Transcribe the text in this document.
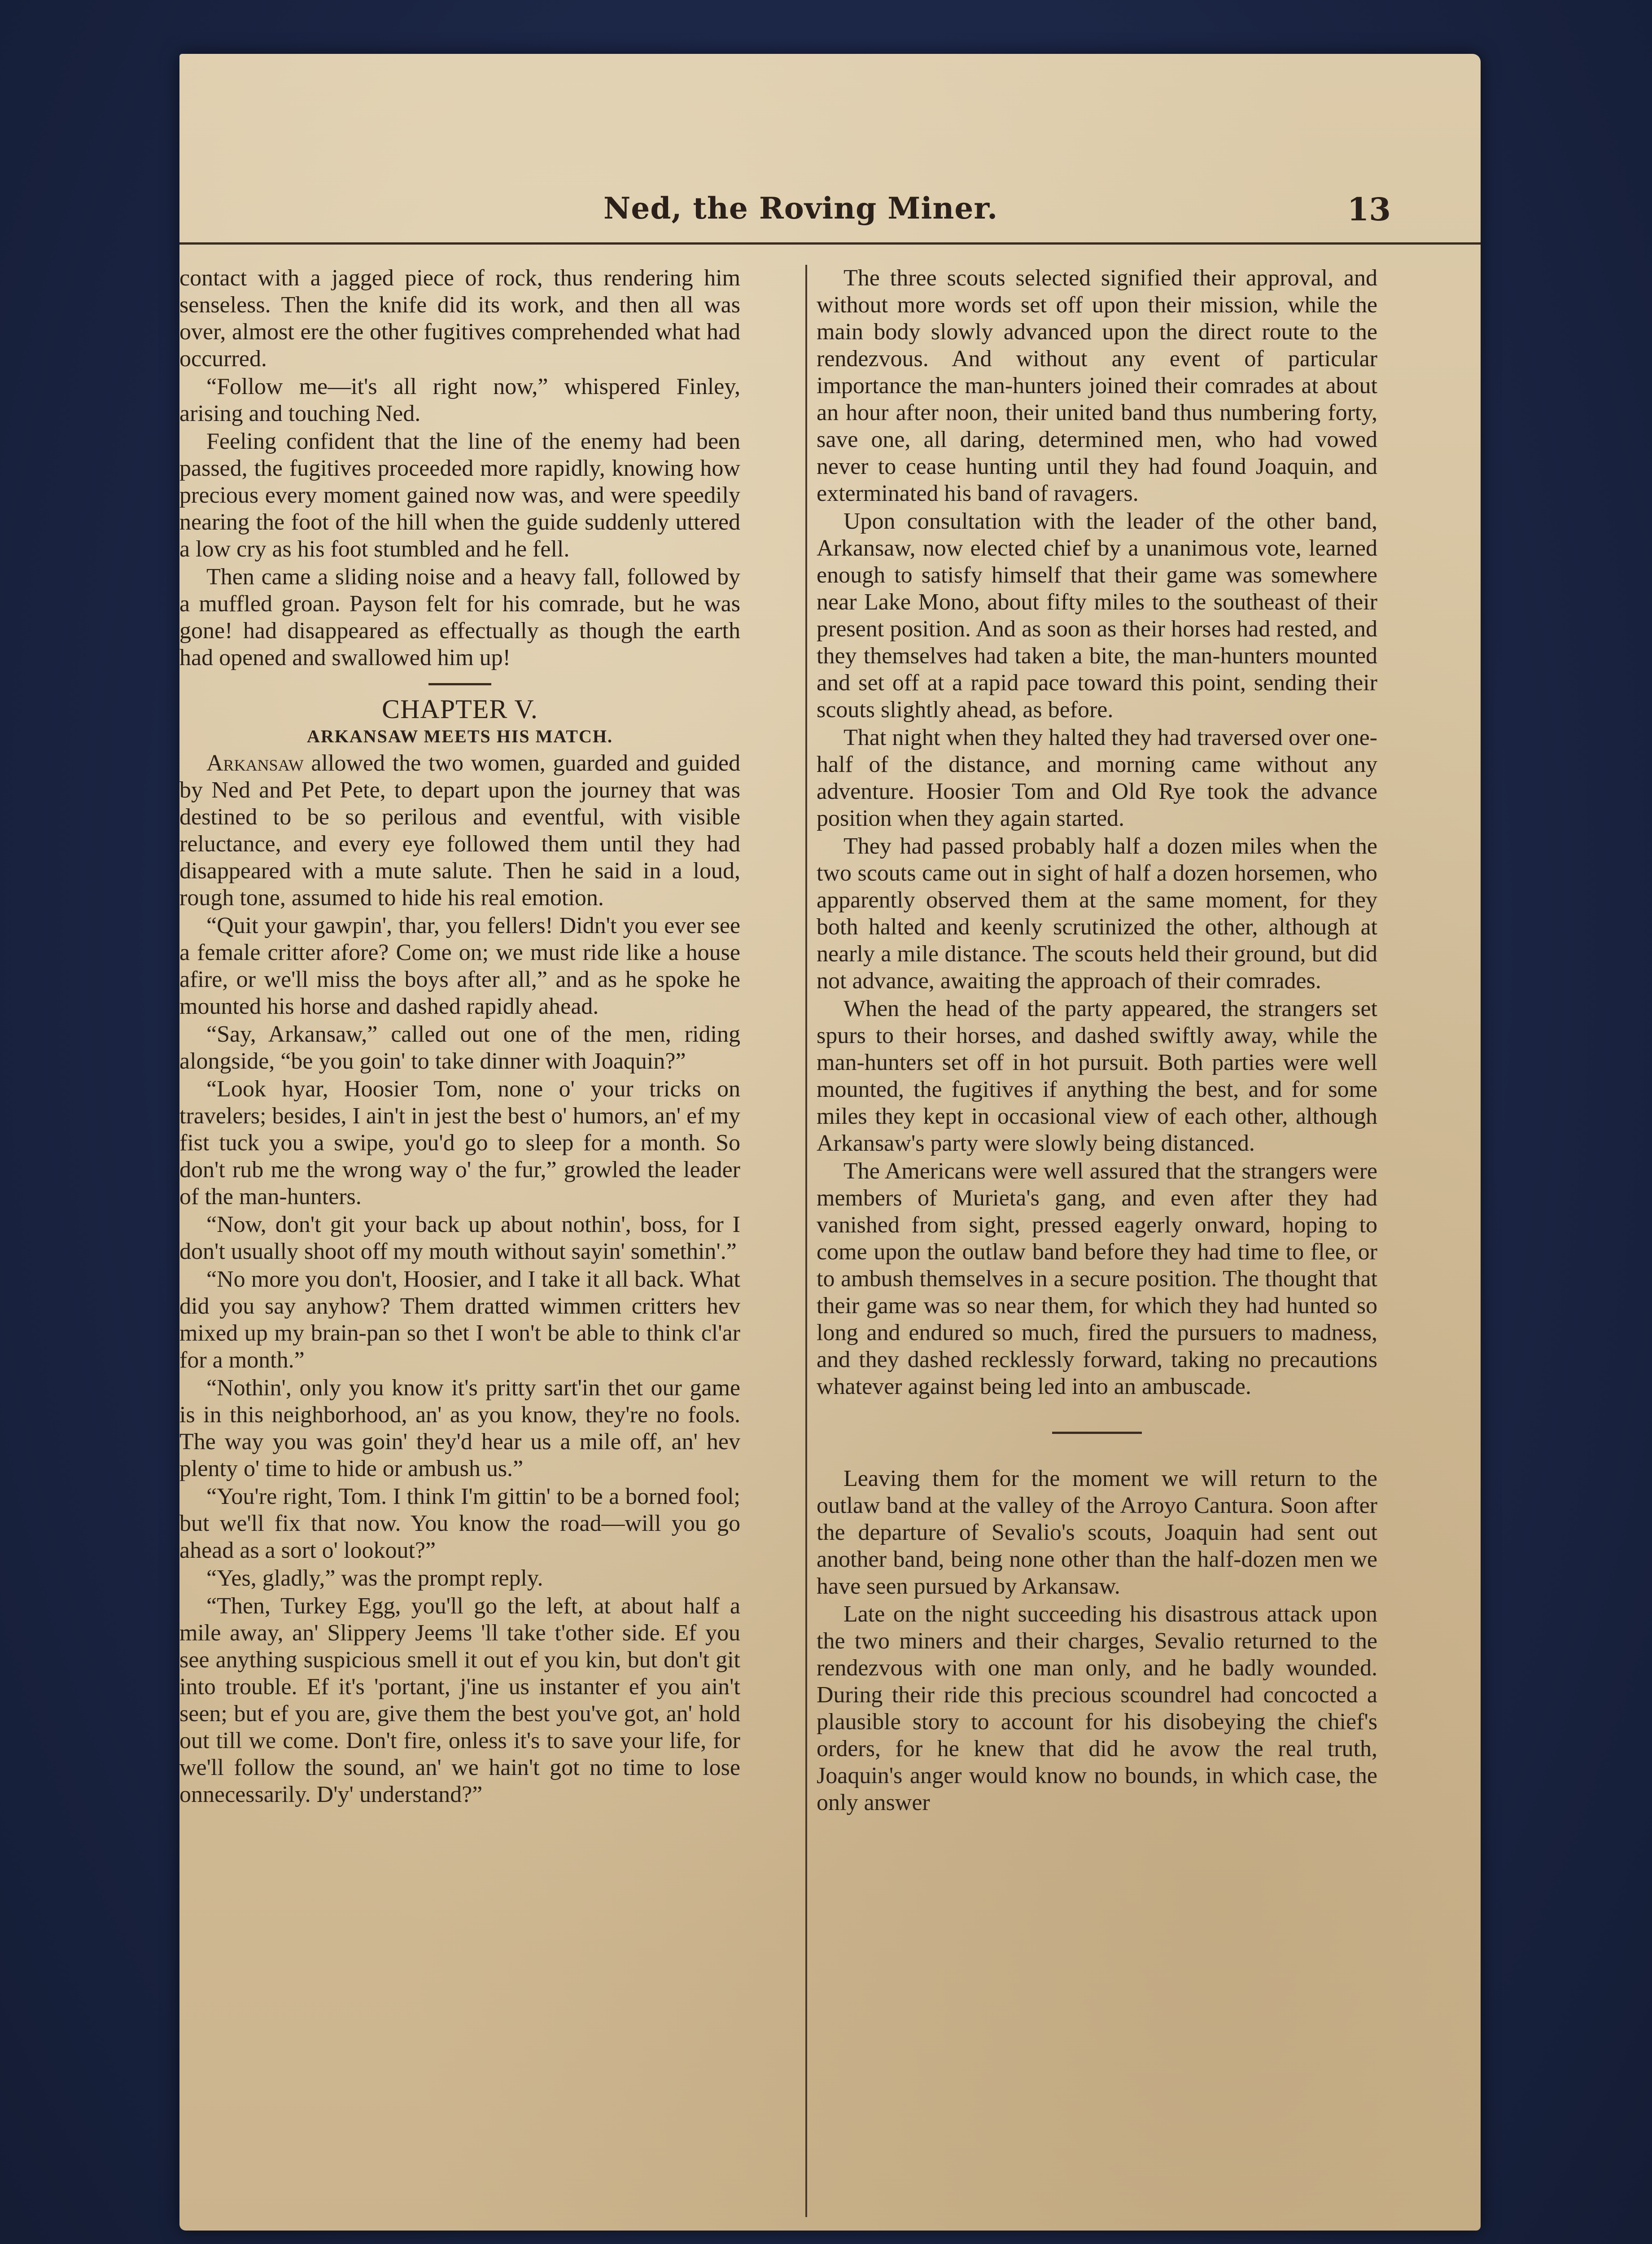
Ned, the Roving Miner.	13

contact with a jagged piece of rock, thus rendering him senseless. Then the knife did its work, and then all was over, almost ere the other fugitives comprehended what had occurred.

“Follow me—it's all right now,” whispered Finley, arising and touching Ned.

Feeling confident that the line of the enemy had been passed, the fugitives proceeded more rapidly, knowing how precious every moment gained now was, and were speedily nearing the foot of the hill when the guide suddenly uttered a low cry as his foot stumbled and he fell.

Then came a sliding noise and a heavy fall, followed by a muffled groan. Payson felt for his comrade, but he was gone! had disappeared as effectually as though the earth had opened and swallowed him up!

CHAPTER V.
ARKANSAW MEETS HIS MATCH.

Arkansaw allowed the two women, guarded and guided by Ned and Pet Pete, to depart upon the journey that was destined to be so perilous and eventful, with visible reluctance, and every eye followed them until they had disappeared with a mute salute. Then he said in a loud, rough tone, assumed to hide his real emotion.

“Quit your gawpin', thar, you fellers! Didn't you ever see a female critter afore? Come on; we must ride like a house afire, or we'll miss the boys after all,” and as he spoke he mounted his horse and dashed rapidly ahead.

“Say, Arkansaw,” called out one of the men, riding alongside, “be you goin' to take dinner with Joaquin?”

“Look hyar, Hoosier Tom, none o' your tricks on travelers; besides, I ain't in jest the best o' humors, an' ef my fist tuck you a swipe, you'd go to sleep for a month. So don't rub me the wrong way o' the fur,” growled the leader of the man-hunters.

“Now, don't git your back up about nothin', boss, for I don't usually shoot off my mouth without sayin' somethin'.”

“No more you don't, Hoosier, and I take it all back. What did you say anyhow? Them dratted wimmen critters hev mixed up my brain-pan so thet I won't be able to think cl'ar for a month.”

“Nothin', only you know it's pritty sart'in thet our game is in this neighborhood, an' as you know, they're no fools. The way you was goin' they'd hear us a mile off, an' hev plenty o' time to hide or ambush us.”

“You're right, Tom. I think I'm gittin' to be a borned fool; but we'll fix that now. You know the road—will you go ahead as a sort o' lookout?”

“Yes, gladly,” was the prompt reply.

“Then, Turkey Egg, you'll go the left, at about half a mile away, an' Slippery Jeems 'll take t'other side. Ef you see anything suspicious smell it out ef you kin, but don't git into trouble. Ef it's 'portant, j'ine us instanter ef you ain't seen; but ef you are, give them the best you've got, an' hold out till we come. Don't fire, onless it's to save your life, for we'll follow the sound, an' we hain't got no time to lose onnecessarily. D'y' understand?”

The three scouts selected signified their approval, and without more words set off upon their mission, while the main body slowly advanced upon the direct route to the rendezvous. And without any event of particular importance the man-hunters joined their comrades at about an hour after noon, their united band thus numbering forty, save one, all daring, determined men, who had vowed never to cease hunting until they had found Joaquin, and exterminated his band of ravagers.

Upon consultation with the leader of the other band, Arkansaw, now elected chief by a unanimous vote, learned enough to satisfy himself that their game was somewhere near Lake Mono, about fifty miles to the southeast of their present position. And as soon as their horses had rested, and they themselves had taken a bite, the man-hunters mounted and set off at a rapid pace toward this point, sending their scouts slightly ahead, as before.

That night when they halted they had traversed over one-half of the distance, and morning came without any adventure. Hoosier Tom and Old Rye took the advance position when they again started.

They had passed probably half a dozen miles when the two scouts came out in sight of half a dozen horsemen, who apparently observed them at the same moment, for they both halted and keenly scrutinized the other, although at nearly a mile distance. The scouts held their ground, but did not advance, awaiting the approach of their comrades.

When the head of the party appeared, the strangers set spurs to their horses, and dashed swiftly away, while the man-hunters set off in hot pursuit. Both parties were well mounted, the fugitives if anything the best, and for some miles they kept in occasional view of each other, although Arkansaw's party were slowly being distanced.

The Americans were well assured that the strangers were members of Murieta's gang, and even after they had vanished from sight, pressed eagerly onward, hoping to come upon the outlaw band before they had time to flee, or to ambush themselves in a secure position. The thought that their game was so near them, for which they had hunted so long and endured so much, fired the pursuers to madness, and they dashed recklessly forward, taking no precautions whatever against being led into an ambuscade.

Leaving them for the moment we will return to the outlaw band at the valley of the Arroyo Cantura. Soon after the departure of Sevalio's scouts, Joaquin had sent out another band, being none other than the half-dozen men we have seen pursued by Arkansaw.

Late on the night succeeding his disastrous attack upon the two miners and their charges, Sevalio returned to the rendezvous with one man only, and he badly wounded. During their ride this precious scoundrel had concocted a plausible story to account for his disobeying the chief's orders, for he knew that did he avow the real truth, Joaquin's anger would know no bounds, in which case, the only answer
